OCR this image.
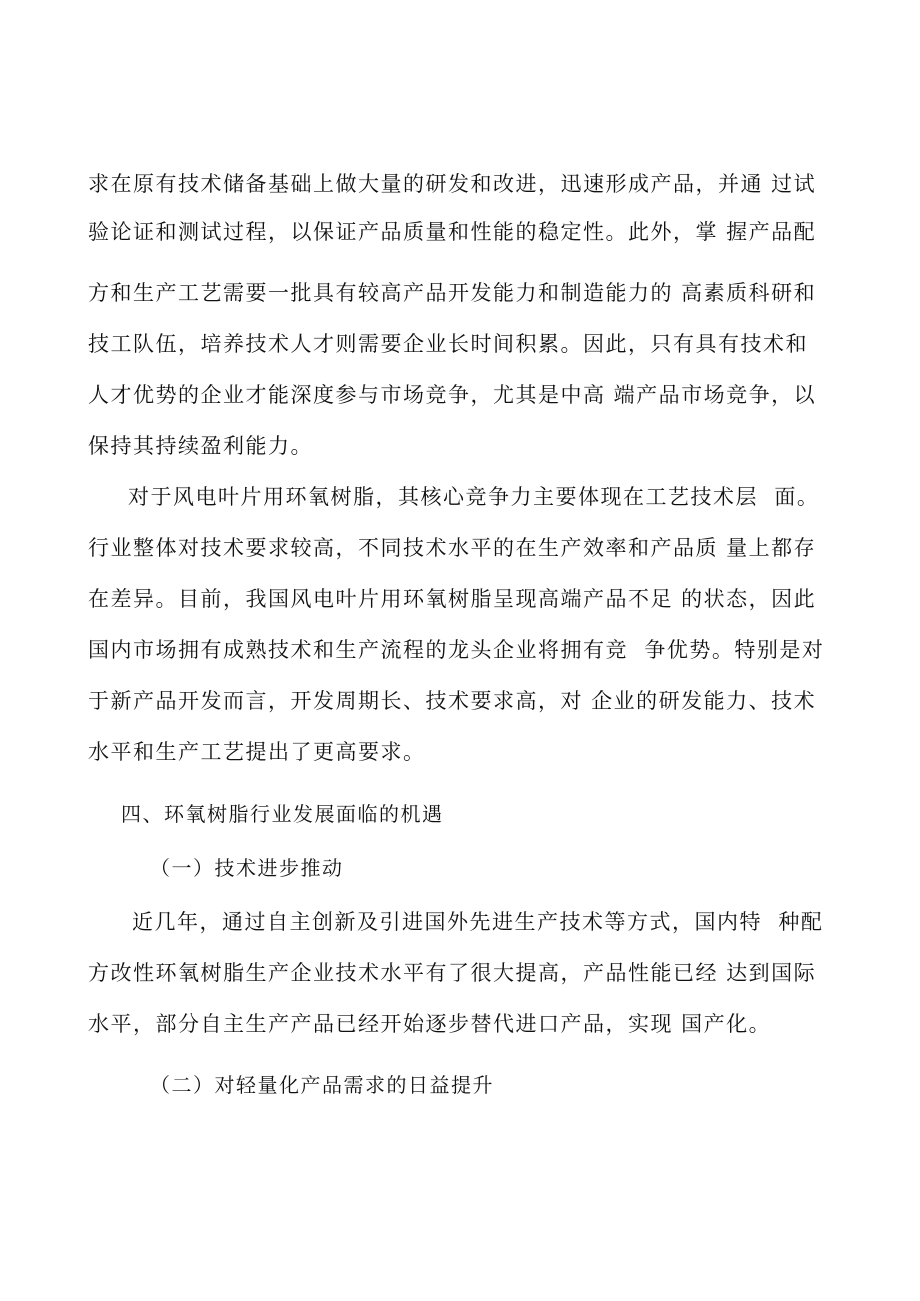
求在原有技术储备基础上做大量的研发和改进，迅速形成产品，并通 过试
验论证和测试过程，以保证产品质量和性能的稳定性。此外，掌 握产品配
方和生产工艺需要一批具有较高产品开发能力和制造能力的 高素质科研和
技工队伍，培养技术人才则需要企业长时间积累。因此，只有具有技术和
人才优势的企业才能深度参与市场竞争，尤其是中高 端产品市场竞争，以
保持其持续盈利能力。
对于风电叶片用环氧树脂，其核心竞争力主要体现在工艺技术层  面。
行业整体对技术要求较高，不同技术水平的在生产效率和产品质 量上都存
在差异。目前，我国风电叶片用环氧树脂呈现高端产品不足 的状态，因此
国内市场拥有成熟技术和生产流程的龙头企业将拥有竞  争优势。特别是对
于新产品开发而言，开发周期长、技术要求高，对 企业的研发能力、技术
水平和生产工艺提出了更高要求。
四、环氧树脂行业发展面临的机遇
（一）技术进步推动
近几年，通过自主创新及引进国外先进生产技术等方式，国内特  种配
方改性环氧树脂生产企业技术水平有了很大提高，产品性能已经 达到国际
水平，部分自主生产产品已经开始逐步替代进口产品，实现 国产化。
（二）对轻量化产品需求的日益提升
